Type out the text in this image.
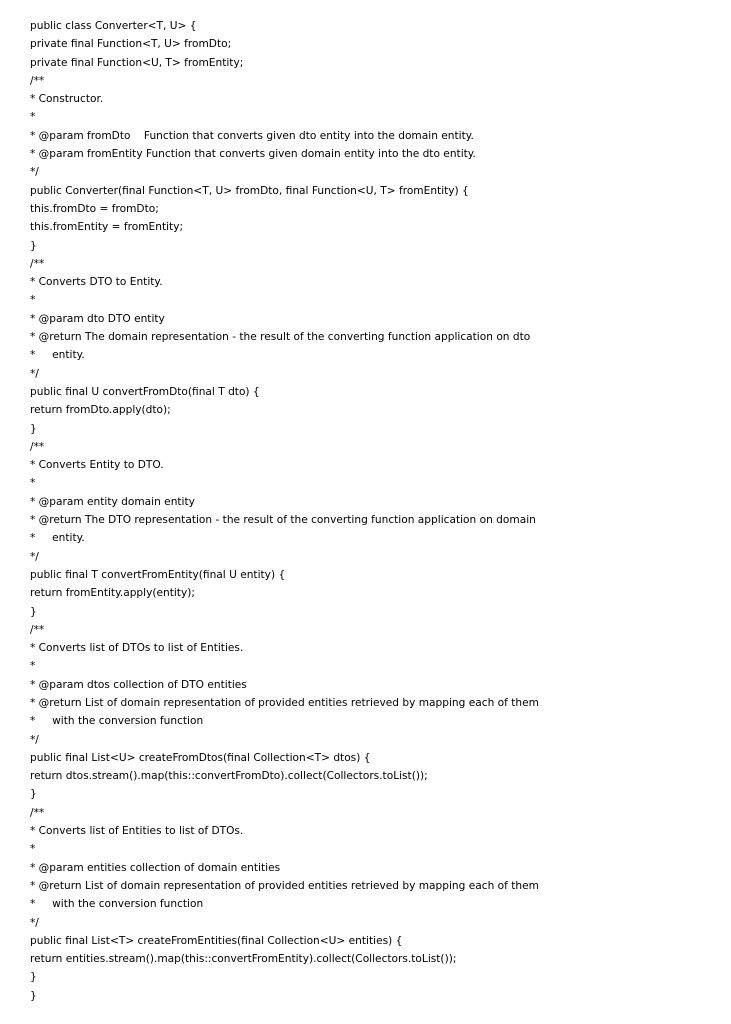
public class Converter<T, U> {
private final Function<T, U> fromDto;
private final Function<U, T> fromEntity;
/**
* Constructor.
*
* @param fromDto    Function that converts given dto entity into the domain entity.
* @param fromEntity Function that converts given domain entity into the dto entity.
*/
public Converter(final Function<T, U> fromDto, final Function<U, T> fromEntity) {
this.fromDto = fromDto;
this.fromEntity = fromEntity;
}
/**
* Converts DTO to Entity.
*
* @param dto DTO entity
* @return The domain representation - the result of the converting function application on dto
*     entity.
*/
public final U convertFromDto(final T dto) {
return fromDto.apply(dto);
}
/**
* Converts Entity to DTO.
*
* @param entity domain entity
* @return The DTO representation - the result of the converting function application on domain
*     entity.
*/
public final T convertFromEntity(final U entity) {
return fromEntity.apply(entity);
}
/**
* Converts list of DTOs to list of Entities.
*
* @param dtos collection of DTO entities
* @return List of domain representation of provided entities retrieved by mapping each of them
*     with the conversion function
*/
public final List<U> createFromDtos(final Collection<T> dtos) {
return dtos.stream().map(this::convertFromDto).collect(Collectors.toList());
}
/**
* Converts list of Entities to list of DTOs.
*
* @param entities collection of domain entities
* @return List of domain representation of provided entities retrieved by mapping each of them
*     with the conversion function
*/
public final List<T> createFromEntities(final Collection<U> entities) {
return entities.stream().map(this::convertFromEntity).collect(Collectors.toList());
}
}
